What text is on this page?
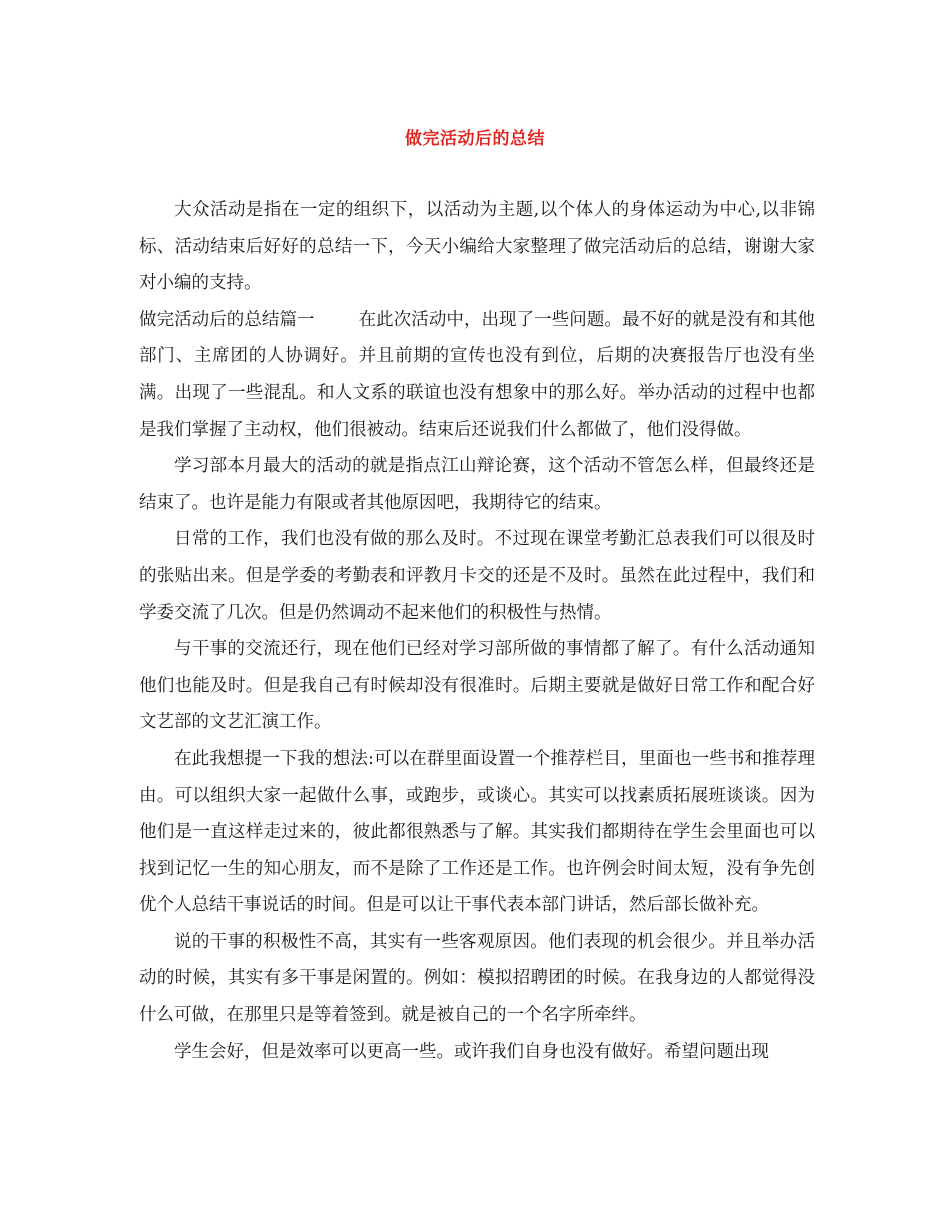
做完活动后的总结

大众活动是指在一定的组织下，以活动为主题,以个体人的身体运动为中心,以非锦标、活动结束后好好的总结一下，今天小编给大家整理了做完活动后的总结，谢谢大家对小编的支持。

做完活动后的总结篇一	在此次活动中，出现了一些问题。最不好的就是没有和其他部门、主席团的人协调好。并且前期的宣传也没有到位，后期的决赛报告厅也没有坐满。出现了一些混乱。和人文系的联谊也没有想象中的那么好。举办活动的过程中也都是我们掌握了主动权，他们很被动。结束后还说我们什么都做了，他们没得做。

学习部本月最大的活动的就是指点江山辩论赛，这个活动不管怎么样，但最终还是结束了。也许是能力有限或者其他原因吧，我期待它的结束。

日常的工作，我们也没有做的那么及时。不过现在课堂考勤汇总表我们可以很及时的张贴出来。但是学委的考勤表和评教月卡交的还是不及时。虽然在此过程中，我们和学委交流了几次。但是仍然调动不起来他们的积极性与热情。

与干事的交流还行，现在他们已经对学习部所做的事情都了解了。有什么活动通知他们也能及时。但是我自己有时候却没有很准时。后期主要就是做好日常工作和配合好文艺部的文艺汇演工作。

在此我想提一下我的想法:可以在群里面设置一个推荐栏目，里面也一些书和推荐理由。可以组织大家一起做什么事，或跑步，或谈心。其实可以找素质拓展班谈谈。因为他们是一直这样走过来的，彼此都很熟悉与了解。其实我们都期待在学生会里面也可以找到记忆一生的知心朋友，而不是除了工作还是工作。也许例会时间太短，没有争先创优个人总结干事说话的时间。但是可以让干事代表本部门讲话，然后部长做补充。

说的干事的积极性不高，其实有一些客观原因。他们表现的机会很少。并且举办活动的时候，其实有多干事是闲置的。例如：模拟招聘团的时候。在我身边的人都觉得没什么可做，在那里只是等着签到。就是被自己的一个名字所牵绊。

学生会好，但是效率可以更高一些。或许我们自身也没有做好。希望问题出现
